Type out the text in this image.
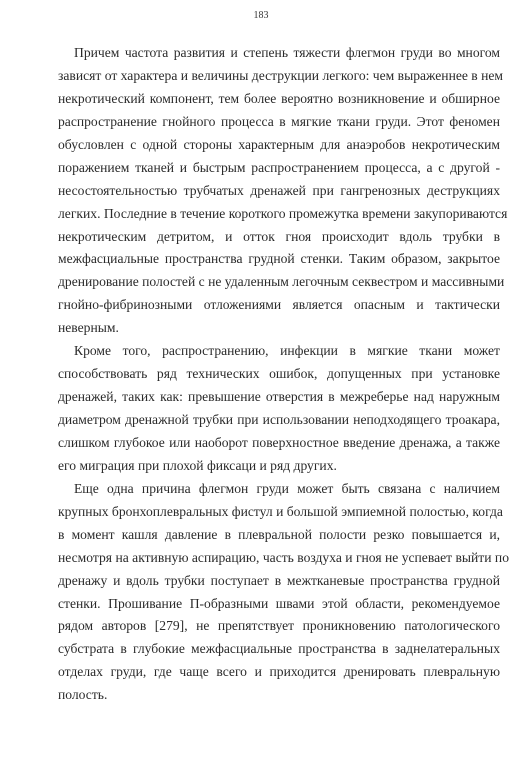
183
Причем частота развития и степень тяжести флегмон груди во многом
зависят от характера и величины деструкции легкого: чем выраженнее в нем
некротический компонент, тем более вероятно возникновение и обширное
распространение гнойного процесса в мягкие ткани груди. Этот феномен
обусловлен с одной стороны характерным для анаэробов некротическим
поражением тканей и быстрым распространением процесса, а с другой -
несостоятельностью трубчатых дренажей при гангренозных деструкциях
легких. Последние в течение короткого промежутка времени закупориваются
некротическим детритом, и отток гноя происходит вдоль трубки в
межфасциальные пространства грудной стенки. Таким образом, закрытое
дренирование полостей с не удаленным легочным секвестром и массивными
гнойно-фибринозными отложениями является опасным и тактически
неверным.
Кроме того, распространению, инфекции в мягкие ткани может
способствовать ряд технических ошибок, допущенных при установке
дренажей, таких как: превышение отверстия в межреберье над наружным
диаметром дренажной трубки при использовании неподходящего троакара,
слишком глубокое или наоборот поверхностное введение дренажа, а также
его миграция при плохой фиксаци и ряд других.
Еще одна причина флегмон груди может быть связана с наличием
крупных бронхоплевральных фистул и большой эмпиемной полостью, когда
в момент кашля давление в плевральной полости резко повышается и,
несмотря на активную аспирацию, часть воздуха и гноя не успевает выйти по
дренажу и вдоль трубки поступает в межтканевые пространства грудной
стенки. Прошивание П-образными швами этой области, рекомендуемое
рядом авторов [279], не препятствует проникновению патологического
субстрата в глубокие межфасциальные пространства в заднелатеральных
отделах груди, где чаще всего и приходится дренировать плевральную
полость.
